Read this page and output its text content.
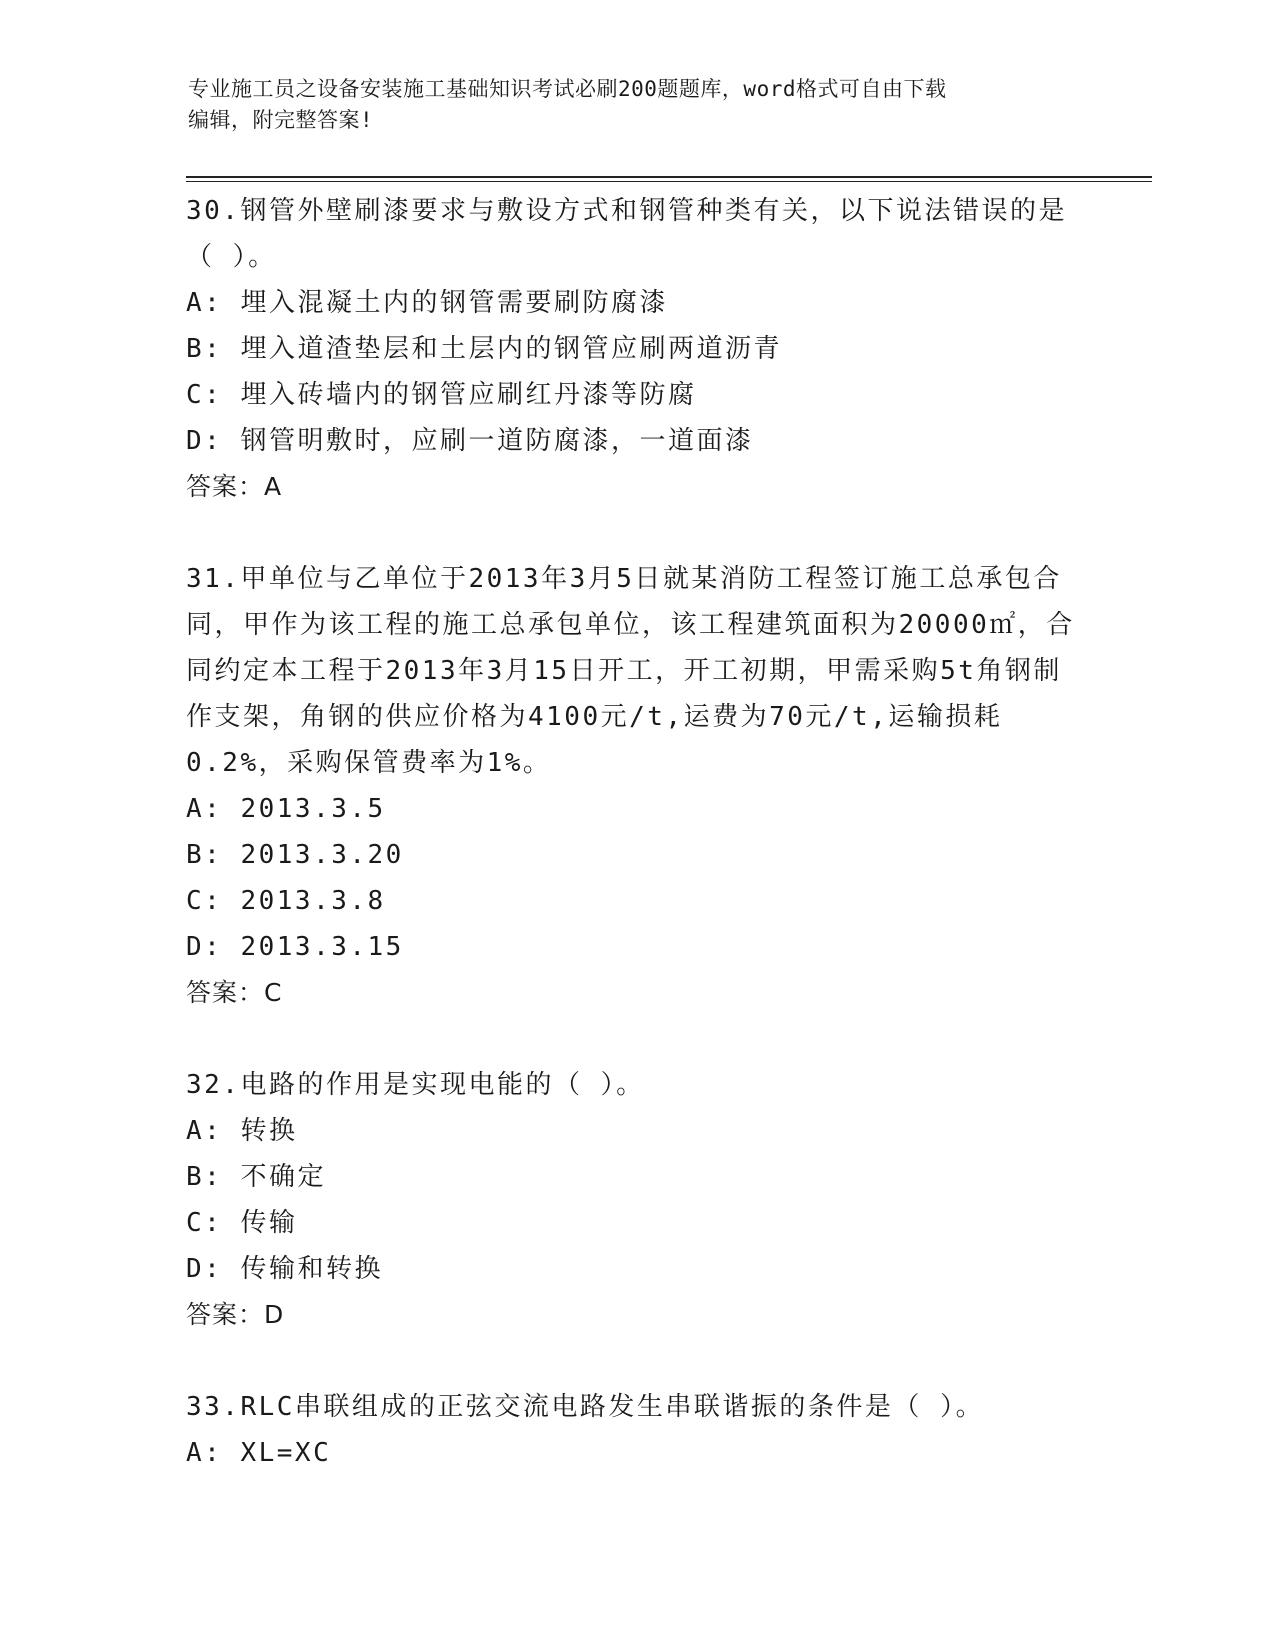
专业施工员之设备安装施工基础知识考试必刷200题题库，word格式可自由下载
编辑，附完整答案!
30.钢管外壁刷漆要求与敷设方式和钢管种类有关，以下说法错误的是（ ）。
A: 埋入混凝土内的钢管需要刷防腐漆
B: 埋入道渣垫层和土层内的钢管应刷两道沥青
C: 埋入砖墙内的钢管应刷红丹漆等防腐
D: 钢管明敷时，应刷一道防腐漆，一道面漆
答案：A
31.甲单位与乙单位于2013年3月5日就某消防工程签订施工总承包合同，甲作为该工程的施工总承包单位，该工程建筑面积为20000㎡，合同约定本工程于2013年3月15日开工，开工初期，甲需采购5t角钢制作支架，角钢的供应价格为4100元/t,运费为70元/t,运输损耗0.2%，采购保管费率为1%。
A: 2013.3.5
B: 2013.3.20
C: 2013.3.8
D: 2013.3.15
答案：C
32.电路的作用是实现电能的（ ）。
A: 转换
B: 不确定
C: 传输
D: 传输和转换
答案：D
33.RLC串联组成的正弦交流电路发生串联谐振的条件是（ ）。
A: XL=XC
